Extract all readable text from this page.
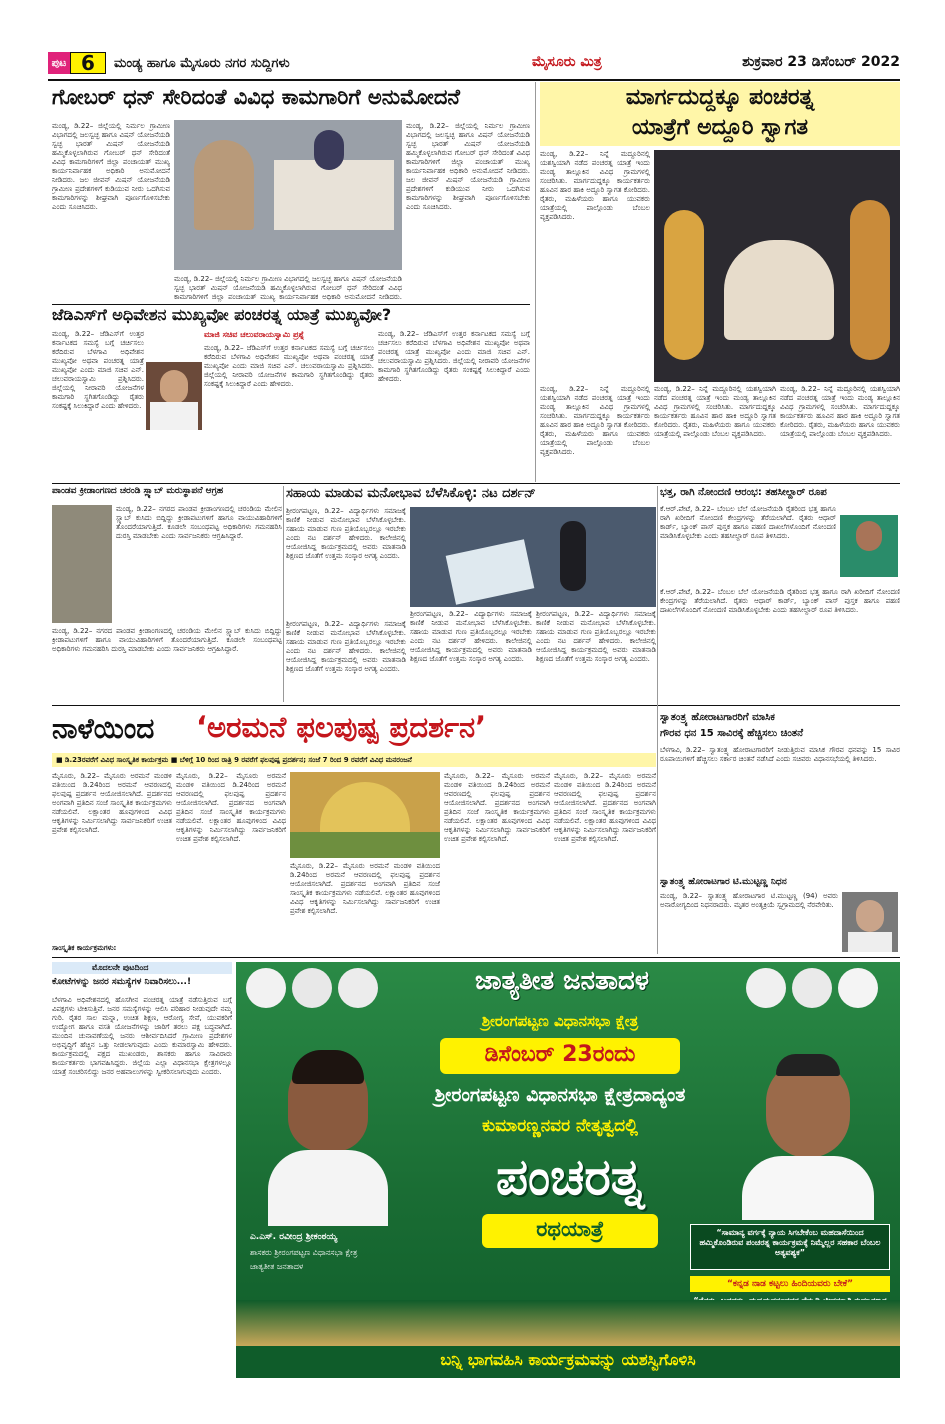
ಪುಟ 6	ಮಂಡ್ಯ ಹಾಗೂ ಮೈಸೂರು ನಗರ ಸುದ್ದಿಗಳು	ಮೈಸೂರು ಮಿತ್ರ	ಶುಕ್ರವಾರ 23 ಡಿಸೆಂಬರ್ 2022
ಗೋಬರ್ ಧನ್ ಸೇರಿದಂತೆ ವಿವಿಧ ಕಾಮಗಾರಿಗೆ ಅನುಮೋದನೆ
ಮಂಡ್ಯ, ಡಿ.22– ಜಿಲ್ಲೆಯಲ್ಲಿ ನಿರ್ಮಲ ಗ್ರಾಮೀಣ ವಿಭಾಗದಲ್ಲಿ ಜಲಸ್ವಚ್ಛ ಹಾಗೂ ವಿಷನ್ ಯೋಜನೆಯಡಿ ಸ್ವಚ್ಛ ಭಾರತ್ ಮಿಷನ್ ಯೋಜನೆಯಡಿ ಹಮ್ಮಿಕೊಳ್ಳಲಾಗಿರುವ ಗೋಬರ್ ಧನ್ ಸೇರಿದಂತೆ ವಿವಿಧ ಕಾಮಗಾರಿಗಳಿಗೆ ಜಿಲ್ಲಾ ಪಂಚಾಯತ್ ಮುಖ್ಯ ಕಾರ್ಯನಿರ್ವಾಹಕ ಅಧಿಕಾರಿ ಅನುಮೋದನೆ ನೀಡಿದರು. ಜಲ ಜೀವನ್ ಮಿಷನ್ ಯೋಜನೆಯಡಿ ಗ್ರಾಮೀಣ ಪ್ರದೇಶಗಳಿಗೆ ಕುಡಿಯುವ ನೀರು ಒದಗಿಸುವ ಕಾಮಗಾರಿಗಳನ್ನು ಶೀಘ್ರವಾಗಿ ಪೂರ್ಣಗೊಳಿಸಬೇಕು ಎಂದು ಸೂಚಿಸಿದರು.
ಮಂಡ್ಯ, ಡಿ.22– ಜಿಲ್ಲೆಯಲ್ಲಿ ನಿರ್ಮಲ ಗ್ರಾಮೀಣ ವಿಭಾಗದಲ್ಲಿ ಜಲಸ್ವಚ್ಛ ಹಾಗೂ ವಿಷನ್ ಯೋಜನೆಯಡಿ ಸ್ವಚ್ಛ ಭಾರತ್ ಮಿಷನ್ ಯೋಜನೆಯಡಿ ಹಮ್ಮಿಕೊಳ್ಳಲಾಗಿರುವ ಗೋಬರ್ ಧನ್ ಸೇರಿದಂತೆ ವಿವಿಧ ಕಾಮಗಾರಿಗಳಿಗೆ ಜಿಲ್ಲಾ ಪಂಚಾಯತ್ ಮುಖ್ಯ ಕಾರ್ಯನಿರ್ವಾಹಕ ಅಧಿಕಾರಿ ಅನುಮೋದನೆ ನೀಡಿದರು.
ಮಂಡ್ಯ, ಡಿ.22– ಜಿಲ್ಲೆಯಲ್ಲಿ ನಿರ್ಮಲ ಗ್ರಾಮೀಣ ವಿಭಾಗದಲ್ಲಿ ಜಲಸ್ವಚ್ಛ ಹಾಗೂ ವಿಷನ್ ಯೋಜನೆಯಡಿ ಸ್ವಚ್ಛ ಭಾರತ್ ಮಿಷನ್ ಯೋಜನೆಯಡಿ ಹಮ್ಮಿಕೊಳ್ಳಲಾಗಿರುವ ಗೋಬರ್ ಧನ್ ಸೇರಿದಂತೆ ವಿವಿಧ ಕಾಮಗಾರಿಗಳಿಗೆ ಜಿಲ್ಲಾ ಪಂಚಾಯತ್ ಮುಖ್ಯ ಕಾರ್ಯನಿರ್ವಾಹಕ ಅಧಿಕಾರಿ ಅನುಮೋದನೆ ನೀಡಿದರು. ಜಲ ಜೀವನ್ ಮಿಷನ್ ಯೋಜನೆಯಡಿ ಗ್ರಾಮೀಣ ಪ್ರದೇಶಗಳಿಗೆ ಕುಡಿಯುವ ನೀರು ಒದಗಿಸುವ ಕಾಮಗಾರಿಗಳನ್ನು ಶೀಘ್ರವಾಗಿ ಪೂರ್ಣಗೊಳಿಸಬೇಕು ಎಂದು ಸೂಚಿಸಿದರು.
ಮಾರ್ಗದುದ್ದಕ್ಕೂ ಪಂಚರತ್ನ
ಯಾತ್ರೆಗೆ ಅದ್ದೂರಿ ಸ್ವಾಗತ
ಮಂಡ್ಯ, ಡಿ.22– ನಿನ್ನೆ ಮದ್ದೂರಿನಲ್ಲಿ ಯಶಸ್ವಿಯಾಗಿ ನಡೆದ ಪಂಚರತ್ನ ಯಾತ್ರೆ ಇಂದು ಮಂಡ್ಯ ತಾಲ್ಲೂಕಿನ ವಿವಿಧ ಗ್ರಾಮಗಳಲ್ಲಿ ಸಂಚರಿಸಿತು. ಮಾರ್ಗದುದ್ದಕ್ಕೂ ಕಾರ್ಯಕರ್ತರು ಹೂವಿನ ಹಾರ ಹಾಕಿ ಅದ್ದೂರಿ ಸ್ವಾಗತ ಕೋರಿದರು. ರೈತರು, ಮಹಿಳೆಯರು ಹಾಗೂ ಯುವಕರು ಯಾತ್ರೆಯಲ್ಲಿ ಪಾಲ್ಗೊಂಡು ಬೆಂಬಲ ವ್ಯಕ್ತಪಡಿಸಿದರು.
ಮಂಡ್ಯ, ಡಿ.22– ನಿನ್ನೆ ಮದ್ದೂರಿನಲ್ಲಿ ಯಶಸ್ವಿಯಾಗಿ ನಡೆದ ಪಂಚರತ್ನ ಯಾತ್ರೆ ಇಂದು ಮಂಡ್ಯ ತಾಲ್ಲೂಕಿನ ವಿವಿಧ ಗ್ರಾಮಗಳಲ್ಲಿ ಸಂಚರಿಸಿತು. ಮಾರ್ಗದುದ್ದಕ್ಕೂ ಕಾರ್ಯಕರ್ತರು ಹೂವಿನ ಹಾರ ಹಾಕಿ ಅದ್ದೂರಿ ಸ್ವಾಗತ ಕೋರಿದರು. ರೈತರು, ಮಹಿಳೆಯರು ಹಾಗೂ ಯುವಕರು ಯಾತ್ರೆಯಲ್ಲಿ ಪಾಲ್ಗೊಂಡು ಬೆಂಬಲ ವ್ಯಕ್ತಪಡಿಸಿದರು.
ಮಂಡ್ಯ, ಡಿ.22– ನಿನ್ನೆ ಮದ್ದೂರಿನಲ್ಲಿ ಯಶಸ್ವಿಯಾಗಿ ನಡೆದ ಪಂಚರತ್ನ ಯಾತ್ರೆ ಇಂದು ಮಂಡ್ಯ ತಾಲ್ಲೂಕಿನ ವಿವಿಧ ಗ್ರಾಮಗಳಲ್ಲಿ ಸಂಚರಿಸಿತು. ಮಾರ್ಗದುದ್ದಕ್ಕೂ ಕಾರ್ಯಕರ್ತರು ಹೂವಿನ ಹಾರ ಹಾಕಿ ಅದ್ದೂರಿ ಸ್ವಾಗತ ಕೋರಿದರು. ರೈತರು, ಮಹಿಳೆಯರು ಹಾಗೂ ಯುವಕರು ಯಾತ್ರೆಯಲ್ಲಿ ಪಾಲ್ಗೊಂಡು ಬೆಂಬಲ ವ್ಯಕ್ತಪಡಿಸಿದರು.
ಮಂಡ್ಯ, ಡಿ.22– ನಿನ್ನೆ ಮದ್ದೂರಿನಲ್ಲಿ ಯಶಸ್ವಿಯಾಗಿ ನಡೆದ ಪಂಚರತ್ನ ಯಾತ್ರೆ ಇಂದು ಮಂಡ್ಯ ತಾಲ್ಲೂಕಿನ ವಿವಿಧ ಗ್ರಾಮಗಳಲ್ಲಿ ಸಂಚರಿಸಿತು. ಮಾರ್ಗದುದ್ದಕ್ಕೂ ಕಾರ್ಯಕರ್ತರು ಹೂವಿನ ಹಾರ ಹಾಕಿ ಅದ್ದೂರಿ ಸ್ವಾಗತ ಕೋರಿದರು. ರೈತರು, ಮಹಿಳೆಯರು ಹಾಗೂ ಯುವಕರು ಯಾತ್ರೆಯಲ್ಲಿ ಪಾಲ್ಗೊಂಡು ಬೆಂಬಲ ವ್ಯಕ್ತಪಡಿಸಿದರು.
ಜೆಡಿಎಸ್‌ಗೆ ಅಧಿವೇಶನ ಮುಖ್ಯವೋ ಪಂಚರತ್ನ ಯಾತ್ರೆ ಮುಖ್ಯವೋ?
ಮಂಡ್ಯ, ಡಿ.22– ಜೆಡಿಎಸ್‌ಗೆ ಉತ್ತರ ಕರ್ನಾಟಕದ ಸಮಸ್ಯೆ ಬಗ್ಗೆ ಚರ್ಚಿಸಲು ಕರೆದಿರುವ ಬೆಳಗಾವಿ ಅಧಿವೇಶನ ಮುಖ್ಯವೋ ಅಥವಾ ಪಂಚರತ್ನ ಯಾತ್ರೆ ಮುಖ್ಯವೋ ಎಂದು ಮಾಜಿ ಸಚಿವ ಎನ್. ಚಲುವರಾಯಸ್ವಾಮಿ ಪ್ರಶ್ನಿಸಿದರು. ಜಿಲ್ಲೆಯಲ್ಲಿ ನೀರಾವರಿ ಯೋಜನೆಗಳ ಕಾಮಗಾರಿ ಸ್ಥಗಿತಗೊಂಡಿದ್ದು ರೈತರು ಸಂಕಷ್ಟಕ್ಕೆ ಸಿಲುಕಿದ್ದಾರೆ ಎಂದು ಹೇಳಿದರು.
ಮಾಜಿ ಸಚಿವ ಚಲುವರಾಯಸ್ವಾಮಿ ಪ್ರಶ್ನೆ
ಮಂಡ್ಯ, ಡಿ.22– ಜೆಡಿಎಸ್‌ಗೆ ಉತ್ತರ ಕರ್ನಾಟಕದ ಸಮಸ್ಯೆ ಬಗ್ಗೆ ಚರ್ಚಿಸಲು ಕರೆದಿರುವ ಬೆಳಗಾವಿ ಅಧಿವೇಶನ ಮುಖ್ಯವೋ ಅಥವಾ ಪಂಚರತ್ನ ಯಾತ್ರೆ ಮುಖ್ಯವೋ ಎಂದು ಮಾಜಿ ಸಚಿವ ಎನ್. ಚಲುವರಾಯಸ್ವಾಮಿ ಪ್ರಶ್ನಿಸಿದರು. ಜಿಲ್ಲೆಯಲ್ಲಿ ನೀರಾವರಿ ಯೋಜನೆಗಳ ಕಾಮಗಾರಿ ಸ್ಥಗಿತಗೊಂಡಿದ್ದು ರೈತರು ಸಂಕಷ್ಟಕ್ಕೆ ಸಿಲುಕಿದ್ದಾರೆ ಎಂದು ಹೇಳಿದರು.
ಮಂಡ್ಯ, ಡಿ.22– ಜೆಡಿಎಸ್‌ಗೆ ಉತ್ತರ ಕರ್ನಾಟಕದ ಸಮಸ್ಯೆ ಬಗ್ಗೆ ಚರ್ಚಿಸಲು ಕರೆದಿರುವ ಬೆಳಗಾವಿ ಅಧಿವೇಶನ ಮುಖ್ಯವೋ ಅಥವಾ ಪಂಚರತ್ನ ಯಾತ್ರೆ ಮುಖ್ಯವೋ ಎಂದು ಮಾಜಿ ಸಚಿವ ಎನ್. ಚಲುವರಾಯಸ್ವಾಮಿ ಪ್ರಶ್ನಿಸಿದರು. ಜಿಲ್ಲೆಯಲ್ಲಿ ನೀರಾವರಿ ಯೋಜನೆಗಳ ಕಾಮಗಾರಿ ಸ್ಥಗಿತಗೊಂಡಿದ್ದು ರೈತರು ಸಂಕಷ್ಟಕ್ಕೆ ಸಿಲುಕಿದ್ದಾರೆ ಎಂದು ಹೇಳಿದರು.
ಪಾಂಡವ ಕ್ರೀಡಾಂಗಣದ ಚರಂಡಿ ಸ್ಲ್ಯಾಬ್ ಮರುಸ್ಥಾಪನೆ ಆಗ್ರಹ
ಮಂಡ್ಯ, ಡಿ.22– ನಗರದ ಪಾಂಡವ ಕ್ರೀಡಾಂಗಣದಲ್ಲಿ ಚರಂಡಿಯ ಮೇಲಿನ ಸ್ಲ್ಯಾಬ್ ಕುಸಿದು ಬಿದ್ದಿದ್ದು ಕ್ರೀಡಾಪಟುಗಳಿಗೆ ಹಾಗೂ ವಾಯುವಿಹಾರಿಗಳಿಗೆ ತೊಂದರೆಯಾಗುತ್ತಿದೆ. ಕೂಡಲೇ ಸಂಬಂಧಪಟ್ಟ ಅಧಿಕಾರಿಗಳು ಗಮನಹರಿಸಿ ದುರಸ್ತಿ ಮಾಡಬೇಕು ಎಂದು ಸಾರ್ವಜನಿಕರು ಆಗ್ರಹಿಸಿದ್ದಾರೆ.
ಮಂಡ್ಯ, ಡಿ.22– ನಗರದ ಪಾಂಡವ ಕ್ರೀಡಾಂಗಣದಲ್ಲಿ ಚರಂಡಿಯ ಮೇಲಿನ ಸ್ಲ್ಯಾಬ್ ಕುಸಿದು ಬಿದ್ದಿದ್ದು ಕ್ರೀಡಾಪಟುಗಳಿಗೆ ಹಾಗೂ ವಾಯುವಿಹಾರಿಗಳಿಗೆ ತೊಂದರೆಯಾಗುತ್ತಿದೆ. ಕೂಡಲೇ ಸಂಬಂಧಪಟ್ಟ ಅಧಿಕಾರಿಗಳು ಗಮನಹರಿಸಿ ದುರಸ್ತಿ ಮಾಡಬೇಕು ಎಂದು ಸಾರ್ವಜನಿಕರು ಆಗ್ರಹಿಸಿದ್ದಾರೆ.
ಸಹಾಯ ಮಾಡುವ ಮನೋಭಾವ ಬೆಳೆಸಿಕೊಳ್ಳಿ: ನಟ ದರ್ಶನ್
ಶ್ರೀರಂಗಪಟ್ಟಣ, ಡಿ.22– ವಿದ್ಯಾರ್ಥಿಗಳು ಸಮಾಜಕ್ಕೆ ಕಾಣಿಕೆ ನೀಡುವ ಮನೋಭಾವ ಬೆಳೆಸಿಕೊಳ್ಳಬೇಕು. ಸಹಾಯ ಮಾಡುವ ಗುಣ ಪ್ರತಿಯೊಬ್ಬರಲ್ಲೂ ಇರಬೇಕು ಎಂದು ನಟ ದರ್ಶನ್ ಹೇಳಿದರು. ಕಾಲೇಜಿನಲ್ಲಿ ಆಯೋಜಿಸಿದ್ದ ಕಾರ್ಯಕ್ರಮದಲ್ಲಿ ಅವರು ಮಾತನಾಡಿ ಶಿಕ್ಷಣದ ಜೊತೆಗೆ ಉತ್ತಮ ಸಂಸ್ಕಾರ ಅಗತ್ಯ ಎಂದರು.
ಶ್ರೀರಂಗಪಟ್ಟಣ, ಡಿ.22– ವಿದ್ಯಾರ್ಥಿಗಳು ಸಮಾಜಕ್ಕೆ ಕಾಣಿಕೆ ನೀಡುವ ಮನೋಭಾವ ಬೆಳೆಸಿಕೊಳ್ಳಬೇಕು. ಸಹಾಯ ಮಾಡುವ ಗುಣ ಪ್ರತಿಯೊಬ್ಬರಲ್ಲೂ ಇರಬೇಕು ಎಂದು ನಟ ದರ್ಶನ್ ಹೇಳಿದರು. ಕಾಲೇಜಿನಲ್ಲಿ ಆಯೋಜಿಸಿದ್ದ ಕಾರ್ಯಕ್ರಮದಲ್ಲಿ ಅವರು ಮಾತನಾಡಿ ಶಿಕ್ಷಣದ ಜೊತೆಗೆ ಉತ್ತಮ ಸಂಸ್ಕಾರ ಅಗತ್ಯ ಎಂದರು.
ಶ್ರೀರಂಗಪಟ್ಟಣ, ಡಿ.22– ವಿದ್ಯಾರ್ಥಿಗಳು ಸಮಾಜಕ್ಕೆ ಕಾಣಿಕೆ ನೀಡುವ ಮನೋಭಾವ ಬೆಳೆಸಿಕೊಳ್ಳಬೇಕು. ಸಹಾಯ ಮಾಡುವ ಗುಣ ಪ್ರತಿಯೊಬ್ಬರಲ್ಲೂ ಇರಬೇಕು ಎಂದು ನಟ ದರ್ಶನ್ ಹೇಳಿದರು. ಕಾಲೇಜಿನಲ್ಲಿ ಆಯೋಜಿಸಿದ್ದ ಕಾರ್ಯಕ್ರಮದಲ್ಲಿ ಅವರು ಮಾತನಾಡಿ ಶಿಕ್ಷಣದ ಜೊತೆಗೆ ಉತ್ತಮ ಸಂಸ್ಕಾರ ಅಗತ್ಯ ಎಂದರು.
ಶ್ರೀರಂಗಪಟ್ಟಣ, ಡಿ.22– ವಿದ್ಯಾರ್ಥಿಗಳು ಸಮಾಜಕ್ಕೆ ಕಾಣಿಕೆ ನೀಡುವ ಮನೋಭಾವ ಬೆಳೆಸಿಕೊಳ್ಳಬೇಕು. ಸಹಾಯ ಮಾಡುವ ಗುಣ ಪ್ರತಿಯೊಬ್ಬರಲ್ಲೂ ಇರಬೇಕು ಎಂದು ನಟ ದರ್ಶನ್ ಹೇಳಿದರು. ಕಾಲೇಜಿನಲ್ಲಿ ಆಯೋಜಿಸಿದ್ದ ಕಾರ್ಯಕ್ರಮದಲ್ಲಿ ಅವರು ಮಾತನಾಡಿ ಶಿಕ್ಷಣದ ಜೊತೆಗೆ ಉತ್ತಮ ಸಂಸ್ಕಾರ ಅಗತ್ಯ ಎಂದರು.
ಭತ್ತ, ರಾಗಿ ನೋಂದಣಿ ಆರಂಭ: ತಹಸೀಲ್ದಾರ್ ರೂಪ
ಕೆ.ಆರ್.ಪೇಟೆ, ಡಿ.22– ಬೆಂಬಲ ಬೆಲೆ ಯೋಜನೆಯಡಿ ರೈತರಿಂದ ಭತ್ತ ಹಾಗೂ ರಾಗಿ ಖರೀದಿಗೆ ನೋಂದಣಿ ಕೇಂದ್ರಗಳನ್ನು ತೆರೆಯಲಾಗಿದೆ. ರೈತರು ಆಧಾರ್ ಕಾರ್ಡ್, ಬ್ಯಾಂಕ್ ಪಾಸ್ ಪುಸ್ತಕ ಹಾಗೂ ಪಹಣಿ ದಾಖಲೆಗಳೊಂದಿಗೆ ನೋಂದಣಿ ಮಾಡಿಸಿಕೊಳ್ಳಬೇಕು ಎಂದು ತಹಸೀಲ್ದಾರ್ ರೂಪ ತಿಳಿಸಿದರು.
ಕೆ.ಆರ್.ಪೇಟೆ, ಡಿ.22– ಬೆಂಬಲ ಬೆಲೆ ಯೋಜನೆಯಡಿ ರೈತರಿಂದ ಭತ್ತ ಹಾಗೂ ರಾಗಿ ಖರೀದಿಗೆ ನೋಂದಣಿ ಕೇಂದ್ರಗಳನ್ನು ತೆರೆಯಲಾಗಿದೆ. ರೈತರು ಆಧಾರ್ ಕಾರ್ಡ್, ಬ್ಯಾಂಕ್ ಪಾಸ್ ಪುಸ್ತಕ ಹಾಗೂ ಪಹಣಿ ದಾಖಲೆಗಳೊಂದಿಗೆ ನೋಂದಣಿ ಮಾಡಿಸಿಕೊಳ್ಳಬೇಕು ಎಂದು ತಹಸೀಲ್ದಾರ್ ರೂಪ ತಿಳಿಸಿದರು.
ನಾಳೆಯಿಂದ	‘ಅರಮನೆ ಫಲಪುಷ್ಪ ಪ್ರದರ್ಶನ’
■ ಡಿ.23ರವರೆಗೆ ವಿವಿಧ ಸಾಂಸ್ಕೃತಿಕ ಕಾರ್ಯಕ್ರಮ ■ ಬೆಳಿಗ್ಗೆ 10 ರಿಂದ ರಾತ್ರಿ 9 ರವರೆಗೆ ಫಲಪುಷ್ಪ ಪ್ರದರ್ಶನ; ಸಂಜೆ 7 ರಿಂದ 9 ರವರೆಗೆ ವಿವಿಧ ಮನರಂಜನೆ
ಮೈಸೂರು, ಡಿ.22– ಮೈಸೂರು ಅರಮನೆ ಮಂಡಳಿ ವತಿಯಿಂದ ಡಿ.24ರಿಂದ ಅರಮನೆ ಆವರಣದಲ್ಲಿ ಫಲಪುಷ್ಪ ಪ್ರದರ್ಶನ ಆಯೋಜಿಸಲಾಗಿದೆ. ಪ್ರದರ್ಶನದ ಅಂಗವಾಗಿ ಪ್ರತಿದಿನ ಸಂಜೆ ಸಾಂಸ್ಕೃತಿಕ ಕಾರ್ಯಕ್ರಮಗಳು ನಡೆಯಲಿವೆ. ಲಕ್ಷಾಂತರ ಹೂವುಗಳಿಂದ ವಿವಿಧ ಆಕೃತಿಗಳನ್ನು ನಿರ್ಮಿಸಲಾಗಿದ್ದು ಸಾರ್ವಜನಿಕರಿಗೆ ಉಚಿತ ಪ್ರವೇಶ ಕಲ್ಪಿಸಲಾಗಿದೆ.
ಸಾಂಸ್ಕೃತಿಕ ಕಾರ್ಯಕ್ರಮಗಳು:
ಮೈಸೂರು, ಡಿ.22– ಮೈಸೂರು ಅರಮನೆ ಮಂಡಳಿ ವತಿಯಿಂದ ಡಿ.24ರಿಂದ ಅರಮನೆ ಆವರಣದಲ್ಲಿ ಫಲಪುಷ್ಪ ಪ್ರದರ್ಶನ ಆಯೋಜಿಸಲಾಗಿದೆ. ಪ್ರದರ್ಶನದ ಅಂಗವಾಗಿ ಪ್ರತಿದಿನ ಸಂಜೆ ಸಾಂಸ್ಕೃತಿಕ ಕಾರ್ಯಕ್ರಮಗಳು ನಡೆಯಲಿವೆ. ಲಕ್ಷಾಂತರ ಹೂವುಗಳಿಂದ ವಿವಿಧ ಆಕೃತಿಗಳನ್ನು ನಿರ್ಮಿಸಲಾಗಿದ್ದು ಸಾರ್ವಜನಿಕರಿಗೆ ಉಚಿತ ಪ್ರವೇಶ ಕಲ್ಪಿಸಲಾಗಿದೆ.
ಮೈಸೂರು, ಡಿ.22– ಮೈಸೂರು ಅರಮನೆ ಮಂಡಳಿ ವತಿಯಿಂದ ಡಿ.24ರಿಂದ ಅರಮನೆ ಆವರಣದಲ್ಲಿ ಫಲಪುಷ್ಪ ಪ್ರದರ್ಶನ ಆಯೋಜಿಸಲಾಗಿದೆ. ಪ್ರದರ್ಶನದ ಅಂಗವಾಗಿ ಪ್ರತಿದಿನ ಸಂಜೆ ಸಾಂಸ್ಕೃತಿಕ ಕಾರ್ಯಕ್ರಮಗಳು ನಡೆಯಲಿವೆ. ಲಕ್ಷಾಂತರ ಹೂವುಗಳಿಂದ ವಿವಿಧ ಆಕೃತಿಗಳನ್ನು ನಿರ್ಮಿಸಲಾಗಿದ್ದು ಸಾರ್ವಜನಿಕರಿಗೆ ಉಚಿತ ಪ್ರವೇಶ ಕಲ್ಪಿಸಲಾಗಿದೆ.
ಮೈಸೂರು, ಡಿ.22– ಮೈಸೂರು ಅರಮನೆ ಮಂಡಳಿ ವತಿಯಿಂದ ಡಿ.24ರಿಂದ ಅರಮನೆ ಆವರಣದಲ್ಲಿ ಫಲಪುಷ್ಪ ಪ್ರದರ್ಶನ ಆಯೋಜಿಸಲಾಗಿದೆ. ಪ್ರದರ್ಶನದ ಅಂಗವಾಗಿ ಪ್ರತಿದಿನ ಸಂಜೆ ಸಾಂಸ್ಕೃತಿಕ ಕಾರ್ಯಕ್ರಮಗಳು ನಡೆಯಲಿವೆ. ಲಕ್ಷಾಂತರ ಹೂವುಗಳಿಂದ ವಿವಿಧ ಆಕೃತಿಗಳನ್ನು ನಿರ್ಮಿಸಲಾಗಿದ್ದು ಸಾರ್ವಜನಿಕರಿಗೆ ಉಚಿತ ಪ್ರವೇಶ ಕಲ್ಪಿಸಲಾಗಿದೆ.
ಮೈಸೂರು, ಡಿ.22– ಮೈಸೂರು ಅರಮನೆ ಮಂಡಳಿ ವತಿಯಿಂದ ಡಿ.24ರಿಂದ ಅರಮನೆ ಆವರಣದಲ್ಲಿ ಫಲಪುಷ್ಪ ಪ್ರದರ್ಶನ ಆಯೋಜಿಸಲಾಗಿದೆ. ಪ್ರದರ್ಶನದ ಅಂಗವಾಗಿ ಪ್ರತಿದಿನ ಸಂಜೆ ಸಾಂಸ್ಕೃತಿಕ ಕಾರ್ಯಕ್ರಮಗಳು ನಡೆಯಲಿವೆ. ಲಕ್ಷಾಂತರ ಹೂವುಗಳಿಂದ ವಿವಿಧ ಆಕೃತಿಗಳನ್ನು ನಿರ್ಮಿಸಲಾಗಿದ್ದು ಸಾರ್ವಜನಿಕರಿಗೆ ಉಚಿತ ಪ್ರವೇಶ ಕಲ್ಪಿಸಲಾಗಿದೆ.
ಸ್ವಾತಂತ್ರ್ಯ ಹೋರಾಟಗಾರರಿಗೆ ಮಾಸಿಕ
ಗೌರವ ಧನ 15 ಸಾವಿರಕ್ಕೆ ಹೆಚ್ಚಿಸಲು ಚಿಂತನೆ
ಬೆಳಗಾವಿ, ಡಿ.22– ಸ್ವಾತಂತ್ರ್ಯ ಹೋರಾಟಗಾರರಿಗೆ ನೀಡುತ್ತಿರುವ ಮಾಸಿಕ ಗೌರವ ಧನವನ್ನು 15 ಸಾವಿರ ರೂಪಾಯಿಗಳಿಗೆ ಹೆಚ್ಚಿಸಲು ಸರ್ಕಾರ ಚಿಂತನೆ ನಡೆಸಿದೆ ಎಂದು ಸಚಿವರು ವಿಧಾನಸಭೆಯಲ್ಲಿ ತಿಳಿಸಿದರು.
ಸ್ವಾತಂತ್ರ್ಯ ಹೋರಾಟಗಾರ ಟಿ.ಮುಟ್ಟಣ್ಣ ನಿಧನ
ಮಂಡ್ಯ, ಡಿ.22– ಸ್ವಾತಂತ್ರ್ಯ ಹೋರಾಟಗಾರ ಟಿ.ಮುಟ್ಟಣ್ಣ (94) ಅವರು ಅನಾರೋಗ್ಯದಿಂದ ನಿಧನರಾದರು. ಮೃತರ ಅಂತ್ಯಕ್ರಿಯೆ ಸ್ವಗ್ರಾಮದಲ್ಲಿ ನೆರವೇರಿತು.
ಮೊದಲನೇ ಪುಟದಿಂದ
ಕೋಟೆಗಳನ್ನು ಜನರ ಸಮಸ್ಯೆಗಳ ನಿವಾರಿಸಲು...!
ಬೆಳಗಾವಿ ಅಧಿವೇಶನದಲ್ಲಿ ಹೊಸಗೀನ ಪಂಚರತ್ನ ಯಾತ್ರೆ ನಡೆಸುತ್ತಿರುವ ಬಗ್ಗೆ ವಿಪಕ್ಷಗಳು ಟೀಕಿಸುತ್ತಿವೆ. ಜನರ ಸಮಸ್ಯೆಗಳನ್ನು ಆಲಿಸಿ ಪರಿಹಾರ ನೀಡುವುದೇ ನಮ್ಮ ಗುರಿ. ರೈತರ ಸಾಲ ಮನ್ನಾ, ಉಚಿತ ಶಿಕ್ಷಣ, ಆರೋಗ್ಯ ಸೇವೆ, ಯುವಕರಿಗೆ ಉದ್ಯೋಗ ಹಾಗೂ ವಸತಿ ಯೋಜನೆಗಳನ್ನು ಜಾರಿಗೆ ತರಲು ಪಕ್ಷ ಬದ್ಧವಾಗಿದೆ. ಮುಂದಿನ ಚುನಾವಣೆಯಲ್ಲಿ ಜನರು ಆಶೀರ್ವದಿಸಿದರೆ ಗ್ರಾಮೀಣ ಪ್ರದೇಶಗಳ ಅಭಿವೃದ್ಧಿಗೆ ಹೆಚ್ಚಿನ ಒತ್ತು ನೀಡಲಾಗುವುದು ಎಂದು ಕುಮಾರಸ್ವಾಮಿ ಹೇಳಿದರು. ಕಾರ್ಯಕ್ರಮದಲ್ಲಿ ಪಕ್ಷದ ಮುಖಂಡರು, ಶಾಸಕರು ಹಾಗೂ ಸಾವಿರಾರು ಕಾರ್ಯಕರ್ತರು ಭಾಗವಹಿಸಿದ್ದರು. ಜಿಲ್ಲೆಯ ಎಲ್ಲಾ ವಿಧಾನಸಭಾ ಕ್ಷೇತ್ರಗಳಲ್ಲೂ ಯಾತ್ರೆ ಸಂಚರಿಸಲಿದ್ದು ಜನರ ಅಹವಾಲುಗಳನ್ನು ಸ್ವೀಕರಿಸಲಾಗುವುದು ಎಂದರು.
ಜಾತ್ಯತೀತ ಜನತಾದಳ
ಶ್ರೀರಂಗಪಟ್ಟಣ ವಿಧಾನಸಭಾ ಕ್ಷೇತ್ರ
ಡಿಸೆಂಬರ್ 23ರಂದು
ಶ್ರೀರಂಗಪಟ್ಟಣ ವಿಧಾನಸಭಾ ಕ್ಷೇತ್ರದಾದ್ಯಂತ
ಕುಮಾರಣ್ಣನವರ ನೇತೃತ್ವದಲ್ಲಿ
ಪಂಚರತ್ನ
ರಥಯಾತ್ರೆ	“ಸಾಮಾನ್ಯ ವರ್ಗಕ್ಕೆ ನ್ಯಾಯ ಸಿಗಬೇಕೆಂಬ ಮಹದಾಸೆಯಿಂದ ಹಮ್ಮಿಕೊಂಡಿರುವ ಪಂಚರತ್ನ ಕಾರ್ಯಕ್ರಮಕ್ಕೆ ನಿಮ್ಮೆಲ್ಲರ ಸಹಕಾರ ಬೆಂಬಲ ಅತ್ಯವಶ್ಯಕ”
“ಕನ್ನಡ ನಾಡ ಕಟ್ಟಲು ಹಿಂದಿಯವರು ಬೇಕೆ”
ಎ.ಎಸ್. ರವೀಂದ್ರ ಶ್ರೀಕಂಠಯ್ಯ
ಶಾಸಕರು ಶ್ರೀರಂಗಪಟ್ಟಣ ವಿಧಾನಸಭಾ ಕ್ಷೇತ್ರ
ಜಾತ್ಯತೀತ ಜನತಾದಳ
ಬನ್ನಿ ಭಾಗವಹಿಸಿ ಕಾರ್ಯಕ್ರಮವನ್ನು ಯಶಸ್ವಿಗೊಳಿಸಿ
